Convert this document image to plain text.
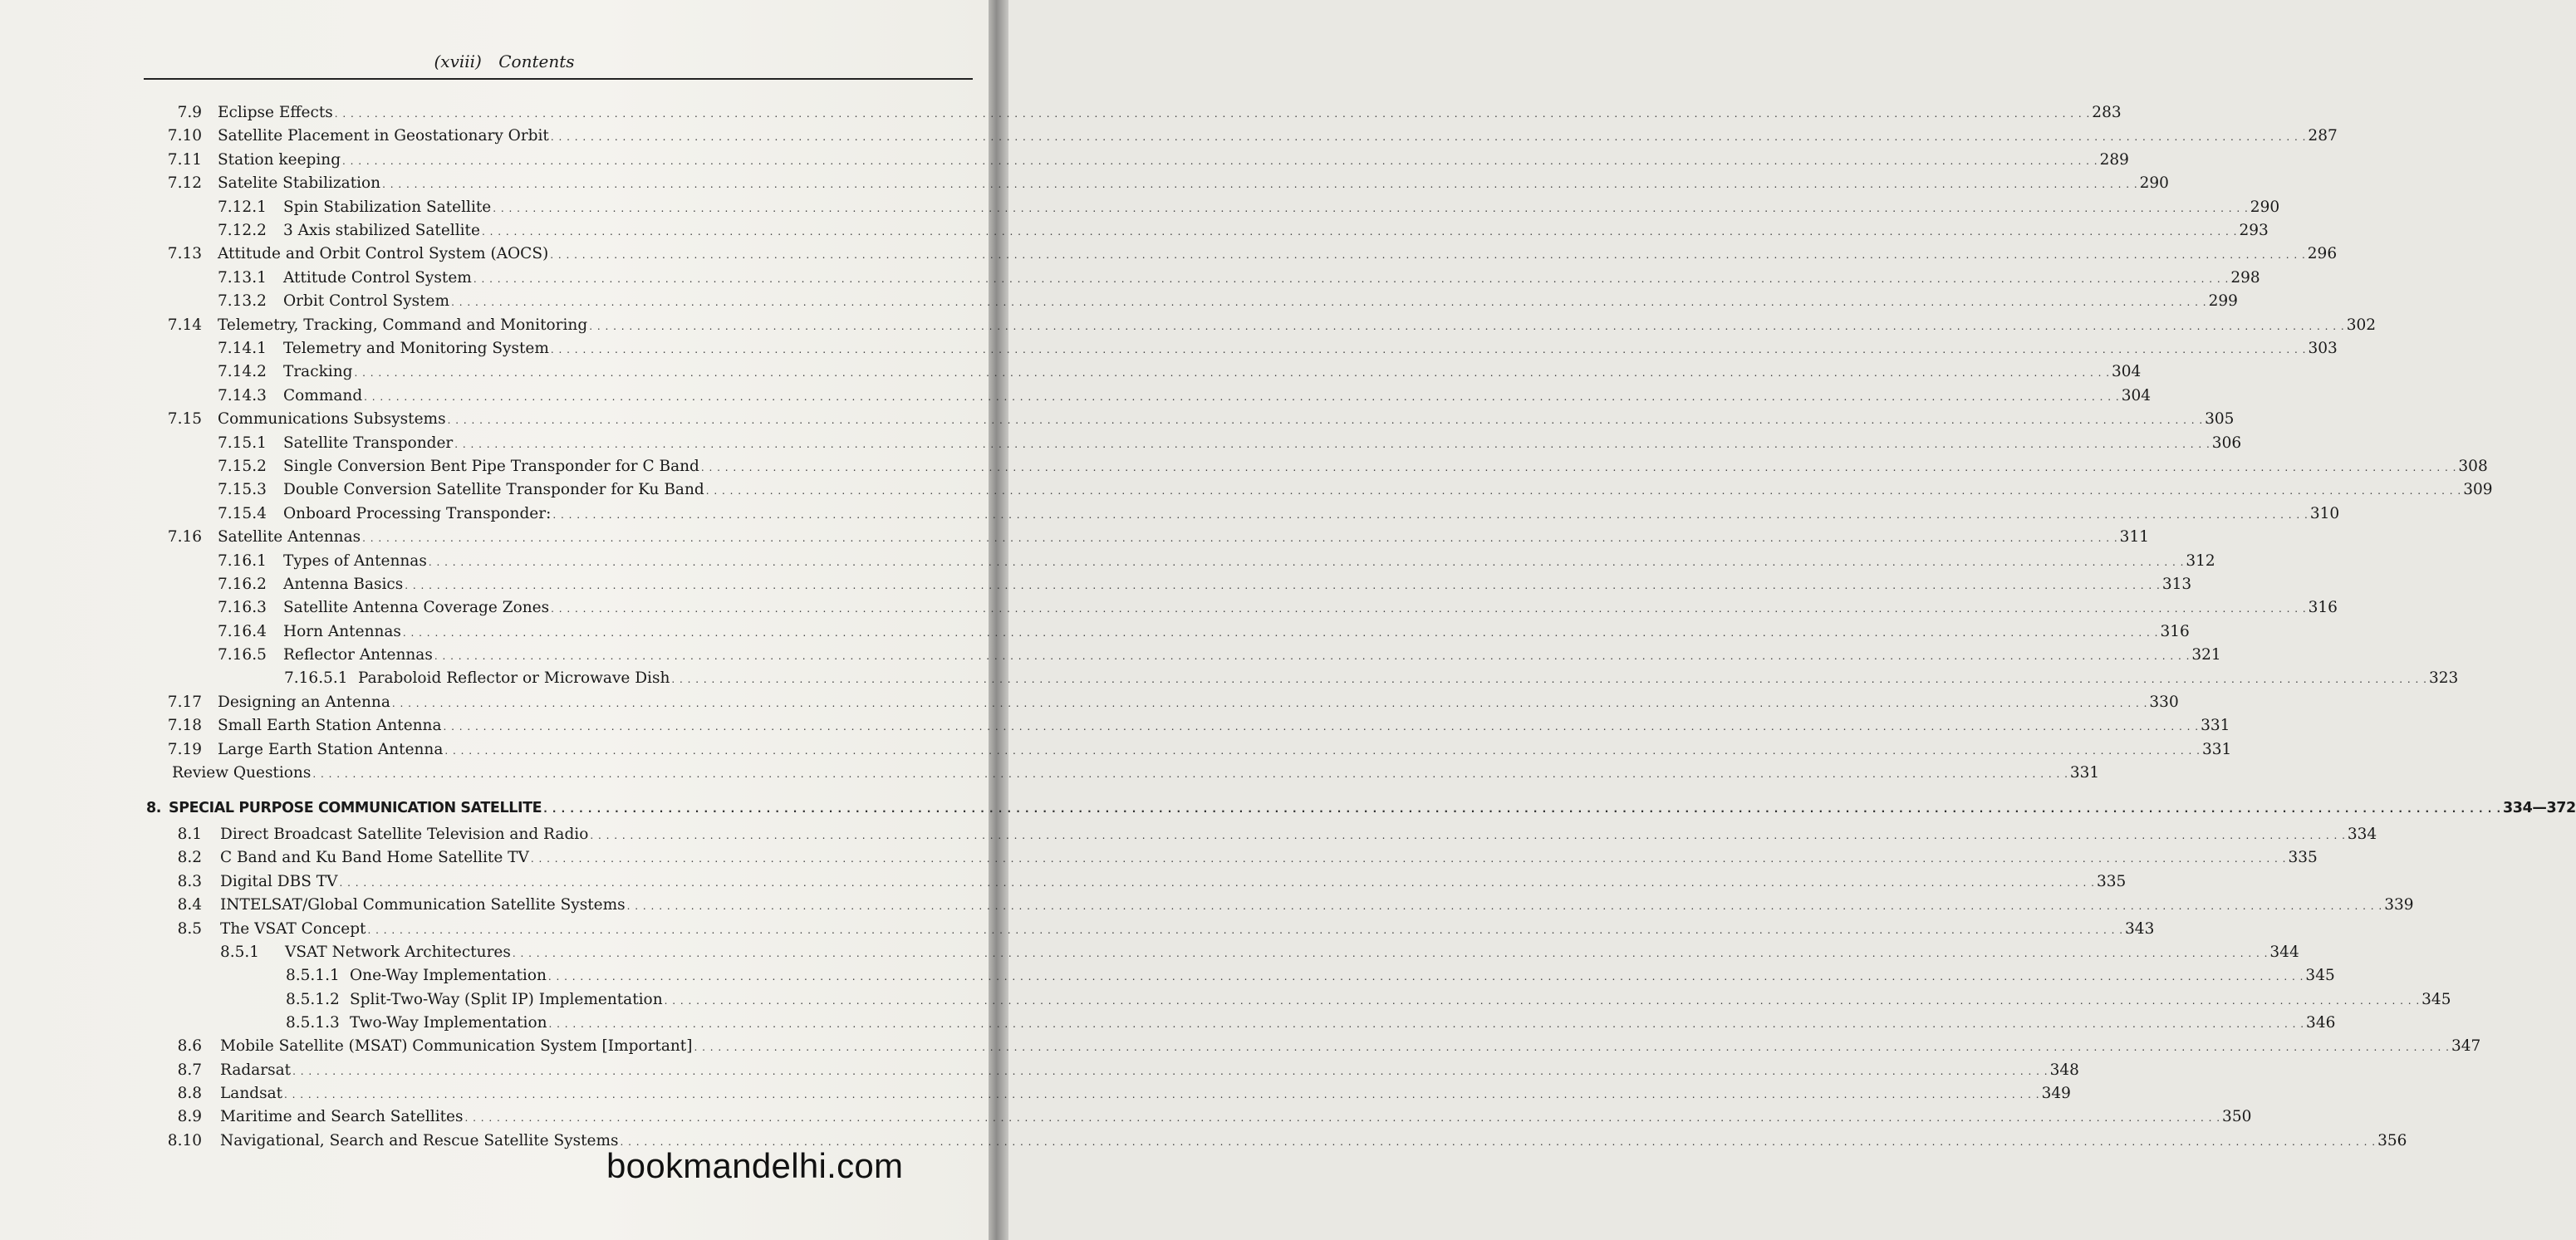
(xviii) Contents
7.9 Eclipse Effects . . . . . . . . . . . . . . . . . . . . . . . . . . . . . . . . . . . . . . . . . . . . . . . . . . . . . . . . . . . . . . . . . . . . . . . . . . . . . . . . . . . . . . . . . . . . . . . . . . . . . . . . . . . . . . . . . . . . . . . . . . . . . . . . . . . . . . . . . . . . . . . . . . . . . . . . . . . . . . . . . . . . . . . . . . . . . . . . . . . . . . . . . . . . . . . . . . . . . . . . . . . . . . . . . . . . . . . . . . . . 283
7.10 Satellite Placement in Geostationary Orbit . . . . . . . . . . . . . . . . . . . . . . . . . . . . . . . . . . . . . . . . . . . . . . . . . . . . . . . . . . . . . . . . . . . . . . . . . . . . . . . . . . . . . . . . . . . . . . . . . . . . . . . . . . . . . . . . . . . . . . . . . . . . . . . . . . . . . . . . . . . . . . . . . . . . . . . . . . . . . . . . . . . . . . . . . . . . . . . . . . . . . . . . . . . . . . . . . . . . . . . . . . . . . . . . . . . . . . . . . . . . 287
7.11 Station keeping . . . . . . . . . . . . . . . . . . . . . . . . . . . . . . . . . . . . . . . . . . . . . . . . . . . . . . . . . . . . . . . . . . . . . . . . . . . . . . . . . . . . . . . . . . . . . . . . . . . . . . . . . . . . . . . . . . . . . . . . . . . . . . . . . . . . . . . . . . . . . . . . . . . . . . . . . . . . . . . . . . . . . . . . . . . . . . . . . . . . . . . . . . . . . . . . . . . . . . . . . . . . . . . . . . . . . . . . . . . . 289
7.12 Satelite Stabilization . . . . . . . . . . . . . . . . . . . . . . . . . . . . . . . . . . . . . . . . . . . . . . . . . . . . . . . . . . . . . . . . . . . . . . . . . . . . . . . . . . . . . . . . . . . . . . . . . . . . . . . . . . . . . . . . . . . . . . . . . . . . . . . . . . . . . . . . . . . . . . . . . . . . . . . . . . . . . . . . . . . . . . . . . . . . . . . . . . . . . . . . . . . . . . . . . . . . . . . . . . . . . . . . . . . . . . . . . . . . 290
7.12.1 Spin Stabilization Satellite . . . . . . . . . . . . . . . . . . . . . . . . . . . . . . . . . . . . . . . . . . . . . . . . . . . . . . . . . . . . . . . . . . . . . . . . . . . . . . . . . . . . . . . . . . . . . . . . . . . . . . . . . . . . . . . . . . . . . . . . . . . . . . . . . . . . . . . . . . . . . . . . . . . . . . . . . . . . . . . . . . . . . . . . . . . . . . . . . . . . . . . . . . . . . . . . . . . . . . . . . . . . . . . . . . . . . . . . . . . . 290
7.12.2 3 Axis stabilized Satellite . . . . . . . . . . . . . . . . . . . . . . . . . . . . . . . . . . . . . . . . . . . . . . . . . . . . . . . . . . . . . . . . . . . . . . . . . . . . . . . . . . . . . . . . . . . . . . . . . . . . . . . . . . . . . . . . . . . . . . . . . . . . . . . . . . . . . . . . . . . . . . . . . . . . . . . . . . . . . . . . . . . . . . . . . . . . . . . . . . . . . . . . . . . . . . . . . . . . . . . . . . . . . . . . . . . . . . . . . . . . 293
7.13 Attitude and Orbit Control System (AOCS) . . . . . . . . . . . . . . . . . . . . . . . . . . . . . . . . . . . . . . . . . . . . . . . . . . . . . . . . . . . . . . . . . . . . . . . . . . . . . . . . . . . . . . . . . . . . . . . . . . . . . . . . . . . . . . . . . . . . . . . . . . . . . . . . . . . . . . . . . . . . . . . . . . . . . . . . . . . . . . . . . . . . . . . . . . . . . . . . . . . . . . . . . . . . . . . . . . . . . . . . . . . . . . . . . . . . . . . . . . . . 296
7.13.1 Attitude Control System . . . . . . . . . . . . . . . . . . . . . . . . . . . . . . . . . . . . . . . . . . . . . . . . . . . . . . . . . . . . . . . . . . . . . . . . . . . . . . . . . . . . . . . . . . . . . . . . . . . . . . . . . . . . . . . . . . . . . . . . . . . . . . . . . . . . . . . . . . . . . . . . . . . . . . . . . . . . . . . . . . . . . . . . . . . . . . . . . . . . . . . . . . . . . . . . . . . . . . . . . . . . . . . . . . . . . . . . . . . . 298
7.13.2 Orbit Control System . . . . . . . . . . . . . . . . . . . . . . . . . . . . . . . . . . . . . . . . . . . . . . . . . . . . . . . . . . . . . . . . . . . . . . . . . . . . . . . . . . . . . . . . . . . . . . . . . . . . . . . . . . . . . . . . . . . . . . . . . . . . . . . . . . . . . . . . . . . . . . . . . . . . . . . . . . . . . . . . . . . . . . . . . . . . . . . . . . . . . . . . . . . . . . . . . . . . . . . . . . . . . . . . . . . . . . . . . . . . 299
7.14 Telemetry, Tracking, Command and Monitoring . . . . . . . . . . . . . . . . . . . . . . . . . . . . . . . . . . . . . . . . . . . . . . . . . . . . . . . . . . . . . . . . . . . . . . . . . . . . . . . . . . . . . . . . . . . . . . . . . . . . . . . . . . . . . . . . . . . . . . . . . . . . . . . . . . . . . . . . . . . . . . . . . . . . . . . . . . . . . . . . . . . . . . . . . . . . . . . . . . . . . . . . . . . . . . . . . . . . . . . . . . . . . . . . . . . . . . . . . . . . 302
7.14.1 Telemetry and Monitoring System . . . . . . . . . . . . . . . . . . . . . . . . . . . . . . . . . . . . . . . . . . . . . . . . . . . . . . . . . . . . . . . . . . . . . . . . . . . . . . . . . . . . . . . . . . . . . . . . . . . . . . . . . . . . . . . . . . . . . . . . . . . . . . . . . . . . . . . . . . . . . . . . . . . . . . . . . . . . . . . . . . . . . . . . . . . . . . . . . . . . . . . . . . . . . . . . . . . . . . . . . . . . . . . . . . . . . . . . . . . . 303
7.14.2 Tracking . . . . . . . . . . . . . . . . . . . . . . . . . . . . . . . . . . . . . . . . . . . . . . . . . . . . . . . . . . . . . . . . . . . . . . . . . . . . . . . . . . . . . . . . . . . . . . . . . . . . . . . . . . . . . . . . . . . . . . . . . . . . . . . . . . . . . . . . . . . . . . . . . . . . . . . . . . . . . . . . . . . . . . . . . . . . . . . . . . . . . . . . . . . . . . . . . . . . . . . . . . . . . . . . . . . . . . . . . . . . 304
7.14.3 Command . . . . . . . . . . . . . . . . . . . . . . . . . . . . . . . . . . . . . . . . . . . . . . . . . . . . . . . . . . . . . . . . . . . . . . . . . . . . . . . . . . . . . . . . . . . . . . . . . . . . . . . . . . . . . . . . . . . . . . . . . . . . . . . . . . . . . . . . . . . . . . . . . . . . . . . . . . . . . . . . . . . . . . . . . . . . . . . . . . . . . . . . . . . . . . . . . . . . . . . . . . . . . . . . . . . . . . . . . . . . 304
7.15 Communications Subsystems . . . . . . . . . . . . . . . . . . . . . . . . . . . . . . . . . . . . . . . . . . . . . . . . . . . . . . . . . . . . . . . . . . . . . . . . . . . . . . . . . . . . . . . . . . . . . . . . . . . . . . . . . . . . . . . . . . . . . . . . . . . . . . . . . . . . . . . . . . . . . . . . . . . . . . . . . . . . . . . . . . . . . . . . . . . . . . . . . . . . . . . . . . . . . . . . . . . . . . . . . . . . . . . . . . . . . . . . . . . . 305
7.15.1 Satellite Transponder . . . . . . . . . . . . . . . . . . . . . . . . . . . . . . . . . . . . . . . . . . . . . . . . . . . . . . . . . . . . . . . . . . . . . . . . . . . . . . . . . . . . . . . . . . . . . . . . . . . . . . . . . . . . . . . . . . . . . . . . . . . . . . . . . . . . . . . . . . . . . . . . . . . . . . . . . . . . . . . . . . . . . . . . . . . . . . . . . . . . . . . . . . . . . . . . . . . . . . . . . . . . . . . . . . . . . . . . . . . . 306
7.15.2 Single Conversion Bent Pipe Transponder for C Band . . . . . . . . . . . . . . . . . . . . . . . . . . . . . . . . . . . . . . . . . . . . . . . . . . . . . . . . . . . . . . . . . . . . . . . . . . . . . . . . . . . . . . . . . . . . . . . . . . . . . . . . . . . . . . . . . . . . . . . . . . . . . . . . . . . . . . . . . . . . . . . . . . . . . . . . . . . . . . . . . . . . . . . . . . . . . . . . . . . . . . . . . . . . . . . . . . . . . . . . . . . . . . . . . . . . . . . . . . . . 308
7.15.3 Double Conversion Satellite Transponder for Ku Band . . . . . . . . . . . . . . . . . . . . . . . . . . . . . . . . . . . . . . . . . . . . . . . . . . . . . . . . . . . . . . . . . . . . . . . . . . . . . . . . . . . . . . . . . . . . . . . . . . . . . . . . . . . . . . . . . . . . . . . . . . . . . . . . . . . . . . . . . . . . . . . . . . . . . . . . . . . . . . . . . . . . . . . . . . . . . . . . . . . . . . . . . . . . . . . . . . . . . . . . . . . . . . . . . . . . . . . . . . . . 309
7.15.4 Onboard Processing Transponder: . . . . . . . . . . . . . . . . . . . . . . . . . . . . . . . . . . . . . . . . . . . . . . . . . . . . . . . . . . . . . . . . . . . . . . . . . . . . . . . . . . . . . . . . . . . . . . . . . . . . . . . . . . . . . . . . . . . . . . . . . . . . . . . . . . . . . . . . . . . . . . . . . . . . . . . . . . . . . . . . . . . . . . . . . . . . . . . . . . . . . . . . . . . . . . . . . . . . . . . . . . . . . . . . . . . . . . . . . . . . 310
7.16 Satellite Antennas . . . . . . . . . . . . . . . . . . . . . . . . . . . . . . . . . . . . . . . . . . . . . . . . . . . . . . . . . . . . . . . . . . . . . . . . . . . . . . . . . . . . . . . . . . . . . . . . . . . . . . . . . . . . . . . . . . . . . . . . . . . . . . . . . . . . . . . . . . . . . . . . . . . . . . . . . . . . . . . . . . . . . . . . . . . . . . . . . . . . . . . . . . . . . . . . . . . . . . . . . . . . . . . . . . . . . . . . . . . . 311
7.16.1 Types of Antennas . . . . . . . . . . . . . . . . . . . . . . . . . . . . . . . . . . . . . . . . . . . . . . . . . . . . . . . . . . . . . . . . . . . . . . . . . . . . . . . . . . . . . . . . . . . . . . . . . . . . . . . . . . . . . . . . . . . . . . . . . . . . . . . . . . . . . . . . . . . . . . . . . . . . . . . . . . . . . . . . . . . . . . . . . . . . . . . . . . . . . . . . . . . . . . . . . . . . . . . . . . . . . . . . . . . . . . . . . . . . 312
7.16.2 Antenna Basics . . . . . . . . . . . . . . . . . . . . . . . . . . . . . . . . . . . . . . . . . . . . . . . . . . . . . . . . . . . . . . . . . . . . . . . . . . . . . . . . . . . . . . . . . . . . . . . . . . . . . . . . . . . . . . . . . . . . . . . . . . . . . . . . . . . . . . . . . . . . . . . . . . . . . . . . . . . . . . . . . . . . . . . . . . . . . . . . . . . . . . . . . . . . . . . . . . . . . . . . . . . . . . . . . . . . . . . . . . . . 313
7.16.3 Satellite Antenna Coverage Zones . . . . . . . . . . . . . . . . . . . . . . . . . . . . . . . . . . . . . . . . . . . . . . . . . . . . . . . . . . . . . . . . . . . . . . . . . . . . . . . . . . . . . . . . . . . . . . . . . . . . . . . . . . . . . . . . . . . . . . . . . . . . . . . . . . . . . . . . . . . . . . . . . . . . . . . . . . . . . . . . . . . . . . . . . . . . . . . . . . . . . . . . . . . . . . . . . . . . . . . . . . . . . . . . . . . . . . . . . . . . 316
7.16.4 Horn Antennas . . . . . . . . . . . . . . . . . . . . . . . . . . . . . . . . . . . . . . . . . . . . . . . . . . . . . . . . . . . . . . . . . . . . . . . . . . . . . . . . . . . . . . . . . . . . . . . . . . . . . . . . . . . . . . . . . . . . . . . . . . . . . . . . . . . . . . . . . . . . . . . . . . . . . . . . . . . . . . . . . . . . . . . . . . . . . . . . . . . . . . . . . . . . . . . . . . . . . . . . . . . . . . . . . . . . . . . . . . . . 316
7.16.5 Reflector Antennas . . . . . . . . . . . . . . . . . . . . . . . . . . . . . . . . . . . . . . . . . . . . . . . . . . . . . . . . . . . . . . . . . . . . . . . . . . . . . . . . . . . . . . . . . . . . . . . . . . . . . . . . . . . . . . . . . . . . . . . . . . . . . . . . . . . . . . . . . . . . . . . . . . . . . . . . . . . . . . . . . . . . . . . . . . . . . . . . . . . . . . . . . . . . . . . . . . . . . . . . . . . . . . . . . . . . . . . . . . . . 321
7.16.5.1 Paraboloid Reflector or Microwave Dish . . . . . . . . . . . . . . . . . . . . . . . . . . . . . . . . . . . . . . . . . . . . . . . . . . . . . . . . . . . . . . . . . . . . . . . . . . . . . . . . . . . . . . . . . . . . . . . . . . . . . . . . . . . . . . . . . . . . . . . . . . . . . . . . . . . . . . . . . . . . . . . . . . . . . . . . . . . . . . . . . . . . . . . . . . . . . . . . . . . . . . . . . . . . . . . . . . . . . . . . . . . . . . . . . . . . . . . . . . . . 323
7.17 Designing an Antenna . . . . . . . . . . . . . . . . . . . . . . . . . . . . . . . . . . . . . . . . . . . . . . . . . . . . . . . . . . . . . . . . . . . . . . . . . . . . . . . . . . . . . . . . . . . . . . . . . . . . . . . . . . . . . . . . . . . . . . . . . . . . . . . . . . . . . . . . . . . . . . . . . . . . . . . . . . . . . . . . . . . . . . . . . . . . . . . . . . . . . . . . . . . . . . . . . . . . . . . . . . . . . . . . . . . . . . . . . . . . 330
7.18 Small Earth Station Antenna . . . . . . . . . . . . . . . . . . . . . . . . . . . . . . . . . . . . . . . . . . . . . . . . . . . . . . . . . . . . . . . . . . . . . . . . . . . . . . . . . . . . . . . . . . . . . . . . . . . . . . . . . . . . . . . . . . . . . . . . . . . . . . . . . . . . . . . . . . . . . . . . . . . . . . . . . . . . . . . . . . . . . . . . . . . . . . . . . . . . . . . . . . . . . . . . . . . . . . . . . . . . . . . . . . . . . . . . . . . . 331
7.19 Large Earth Station Antenna . . . . . . . . . . . . . . . . . . . . . . . . . . . . . . . . . . . . . . . . . . . . . . . . . . . . . . . . . . . . . . . . . . . . . . . . . . . . . . . . . . . . . . . . . . . . . . . . . . . . . . . . . . . . . . . . . . . . . . . . . . . . . . . . . . . . . . . . . . . . . . . . . . . . . . . . . . . . . . . . . . . . . . . . . . . . . . . . . . . . . . . . . . . . . . . . . . . . . . . . . . . . . . . . . . . . . . . . . . . . 331
Review Questions . . . . . . . . . . . . . . . . . . . . . . . . . . . . . . . . . . . . . . . . . . . . . . . . . . . . . . . . . . . . . . . . . . . . . . . . . . . . . . . . . . . . . . . . . . . . . . . . . . . . . . . . . . . . . . . . . . . . . . . . . . . . . . . . . . . . . . . . . . . . . . . . . . . . . . . . . . . . . . . . . . . . . . . . . . . . . . . . . . . . . . . . . . . . . . . . . . . . . . . . . . . . . . . . . . . . . . . . . . . . 331
8. SPECIAL PURPOSE COMMUNICATION SATELLITE . . . . . . . . . . . . . . . . . . . . . . . . . . . . . . . . . . . . . . . . . . . . . . . . . . . . . . . . . . . . . . . . . . . . . . . . . . . . . . . . . . . . . . . . . . . . . . . . . . . . . . . . . . . . . . . . . . . . . . . . . . . . . . . . . . . . . . . . . . . . . . . . . . . . . . . . . . . . . . . . . . . . . . . . . . . . . . . . . . . . . . . . . . . . . . . . . . . . . . . . . . . . . . . . . . . . . . . . . . . . 334—372
8.1 Direct Broadcast Satellite Television and Radio . . . . . . . . . . . . . . . . . . . . . . . . . . . . . . . . . . . . . . . . . . . . . . . . . . . . . . . . . . . . . . . . . . . . . . . . . . . . . . . . . . . . . . . . . . . . . . . . . . . . . . . . . . . . . . . . . . . . . . . . . . . . . . . . . . . . . . . . . . . . . . . . . . . . . . . . . . . . . . . . . . . . . . . . . . . . . . . . . . . . . . . . . . . . . . . . . . . . . . . . . . . . . . . . . . . . . . . . . . . . 334
8.2 C Band and Ku Band Home Satellite TV . . . . . . . . . . . . . . . . . . . . . . . . . . . . . . . . . . . . . . . . . . . . . . . . . . . . . . . . . . . . . . . . . . . . . . . . . . . . . . . . . . . . . . . . . . . . . . . . . . . . . . . . . . . . . . . . . . . . . . . . . . . . . . . . . . . . . . . . . . . . . . . . . . . . . . . . . . . . . . . . . . . . . . . . . . . . . . . . . . . . . . . . . . . . . . . . . . . . . . . . . . . . . . . . . . . . . . . . . . . . 335
8.3 Digital DBS TV . . . . . . . . . . . . . . . . . . . . . . . . . . . . . . . . . . . . . . . . . . . . . . . . . . . . . . . . . . . . . . . . . . . . . . . . . . . . . . . . . . . . . . . . . . . . . . . . . . . . . . . . . . . . . . . . . . . . . . . . . . . . . . . . . . . . . . . . . . . . . . . . . . . . . . . . . . . . . . . . . . . . . . . . . . . . . . . . . . . . . . . . . . . . . . . . . . . . . . . . . . . . . . . . . . . . . . . . . . . . 335
8.4 INTELSAT/Global Communication Satellite Systems . . . . . . . . . . . . . . . . . . . . . . . . . . . . . . . . . . . . . . . . . . . . . . . . . . . . . . . . . . . . . . . . . . . . . . . . . . . . . . . . . . . . . . . . . . . . . . . . . . . . . . . . . . . . . . . . . . . . . . . . . . . . . . . . . . . . . . . . . . . . . . . . . . . . . . . . . . . . . . . . . . . . . . . . . . . . . . . . . . . . . . . . . . . . . . . . . . . . . . . . . . . . . . . . . . . . . . . . . . . . 339
8.5 The VSAT Concept . . . . . . . . . . . . . . . . . . . . . . . . . . . . . . . . . . . . . . . . . . . . . . . . . . . . . . . . . . . . . . . . . . . . . . . . . . . . . . . . . . . . . . . . . . . . . . . . . . . . . . . . . . . . . . . . . . . . . . . . . . . . . . . . . . . . . . . . . . . . . . . . . . . . . . . . . . . . . . . . . . . . . . . . . . . . . . . . . . . . . . . . . . . . . . . . . . . . . . . . . . . . . . . . . . . . . . . . . . . . 343
8.5.1 VSAT Network Architectures . . . . . . . . . . . . . . . . . . . . . . . . . . . . . . . . . . . . . . . . . . . . . . . . . . . . . . . . . . . . . . . . . . . . . . . . . . . . . . . . . . . . . . . . . . . . . . . . . . . . . . . . . . . . . . . . . . . . . . . . . . . . . . . . . . . . . . . . . . . . . . . . . . . . . . . . . . . . . . . . . . . . . . . . . . . . . . . . . . . . . . . . . . . . . . . . . . . . . . . . . . . . . . . . . . . . . . . . . . . . 344
8.5.1.1 One-Way Implementation . . . . . . . . . . . . . . . . . . . . . . . . . . . . . . . . . . . . . . . . . . . . . . . . . . . . . . . . . . . . . . . . . . . . . . . . . . . . . . . . . . . . . . . . . . . . . . . . . . . . . . . . . . . . . . . . . . . . . . . . . . . . . . . . . . . . . . . . . . . . . . . . . . . . . . . . . . . . . . . . . . . . . . . . . . . . . . . . . . . . . . . . . . . . . . . . . . . . . . . . . . . . . . . . . . . . . . . . . . . . 345
8.5.1.2 Split-Two-Way (Split IP) Implementation . . . . . . . . . . . . . . . . . . . . . . . . . . . . . . . . . . . . . . . . . . . . . . . . . . . . . . . . . . . . . . . . . . . . . . . . . . . . . . . . . . . . . . . . . . . . . . . . . . . . . . . . . . . . . . . . . . . . . . . . . . . . . . . . . . . . . . . . . . . . . . . . . . . . . . . . . . . . . . . . . . . . . . . . . . . . . . . . . . . . . . . . . . . . . . . . . . . . . . . . . . . . . . . . . . . . . . . . . . . . 345
8.5.1.3 Two-Way Implementation . . . . . . . . . . . . . . . . . . . . . . . . . . . . . . . . . . . . . . . . . . . . . . . . . . . . . . . . . . . . . . . . . . . . . . . . . . . . . . . . . . . . . . . . . . . . . . . . . . . . . . . . . . . . . . . . . . . . . . . . . . . . . . . . . . . . . . . . . . . . . . . . . . . . . . . . . . . . . . . . . . . . . . . . . . . . . . . . . . . . . . . . . . . . . . . . . . . . . . . . . . . . . . . . . . . . . . . . . . . . 346
8.6 Mobile Satellite (MSAT) Communication System [Important] . . . . . . . . . . . . . . . . . . . . . . . . . . . . . . . . . . . . . . . . . . . . . . . . . . . . . . . . . . . . . . . . . . . . . . . . . . . . . . . . . . . . . . . . . . . . . . . . . . . . . . . . . . . . . . . . . . . . . . . . . . . . . . . . . . . . . . . . . . . . . . . . . . . . . . . . . . . . . . . . . . . . . . . . . . . . . . . . . . . . . . . . . . . . . . . . . . . . . . . . . . . . . . . . . . . . . . . . . . . . 347
8.7 Radarsat . . . . . . . . . . . . . . . . . . . . . . . . . . . . . . . . . . . . . . . . . . . . . . . . . . . . . . . . . . . . . . . . . . . . . . . . . . . . . . . . . . . . . . . . . . . . . . . . . . . . . . . . . . . . . . . . . . . . . . . . . . . . . . . . . . . . . . . . . . . . . . . . . . . . . . . . . . . . . . . . . . . . . . . . . . . . . . . . . . . . . . . . . . . . . . . . . . . . . . . . . . . . . . . . . . . . . . . . . . . . 348
8.8 Landsat . . . . . . . . . . . . . . . . . . . . . . . . . . . . . . . . . . . . . . . . . . . . . . . . . . . . . . . . . . . . . . . . . . . . . . . . . . . . . . . . . . . . . . . . . . . . . . . . . . . . . . . . . . . . . . . . . . . . . . . . . . . . . . . . . . . . . . . . . . . . . . . . . . . . . . . . . . . . . . . . . . . . . . . . . . . . . . . . . . . . . . . . . . . . . . . . . . . . . . . . . . . . . . . . . . . . . . . . . . . . 349
8.9 Maritime and Search Satellites . . . . . . . . . . . . . . . . . . . . . . . . . . . . . . . . . . . . . . . . . . . . . . . . . . . . . . . . . . . . . . . . . . . . . . . . . . . . . . . . . . . . . . . . . . . . . . . . . . . . . . . . . . . . . . . . . . . . . . . . . . . . . . . . . . . . . . . . . . . . . . . . . . . . . . . . . . . . . . . . . . . . . . . . . . . . . . . . . . . . . . . . . . . . . . . . . . . . . . . . . . . . . . . . . . . . . . . . . . . . 350
8.10 Navigational, Search and Rescue Satellite Systems . . . . . . . . . . . . . . . . . . . . . . . . . . . . . . . . . . . . . . . . . . . . . . . . . . . . . . . . . . . . . . . . . . . . . . . . . . . . . . . . . . . . . . . . . . . . . . . . . . . . . . . . . . . . . . . . . . . . . . . . . . . . . . . . . . . . . . . . . . . . . . . . . . . . . . . . . . . . . . . . . . . . . . . . . . . . . . . . . . . . . . . . . . . . . . . . . . . . . . . . . . . . . . . . . . . . . . . . . . . . 356
bookmandelhi.com
